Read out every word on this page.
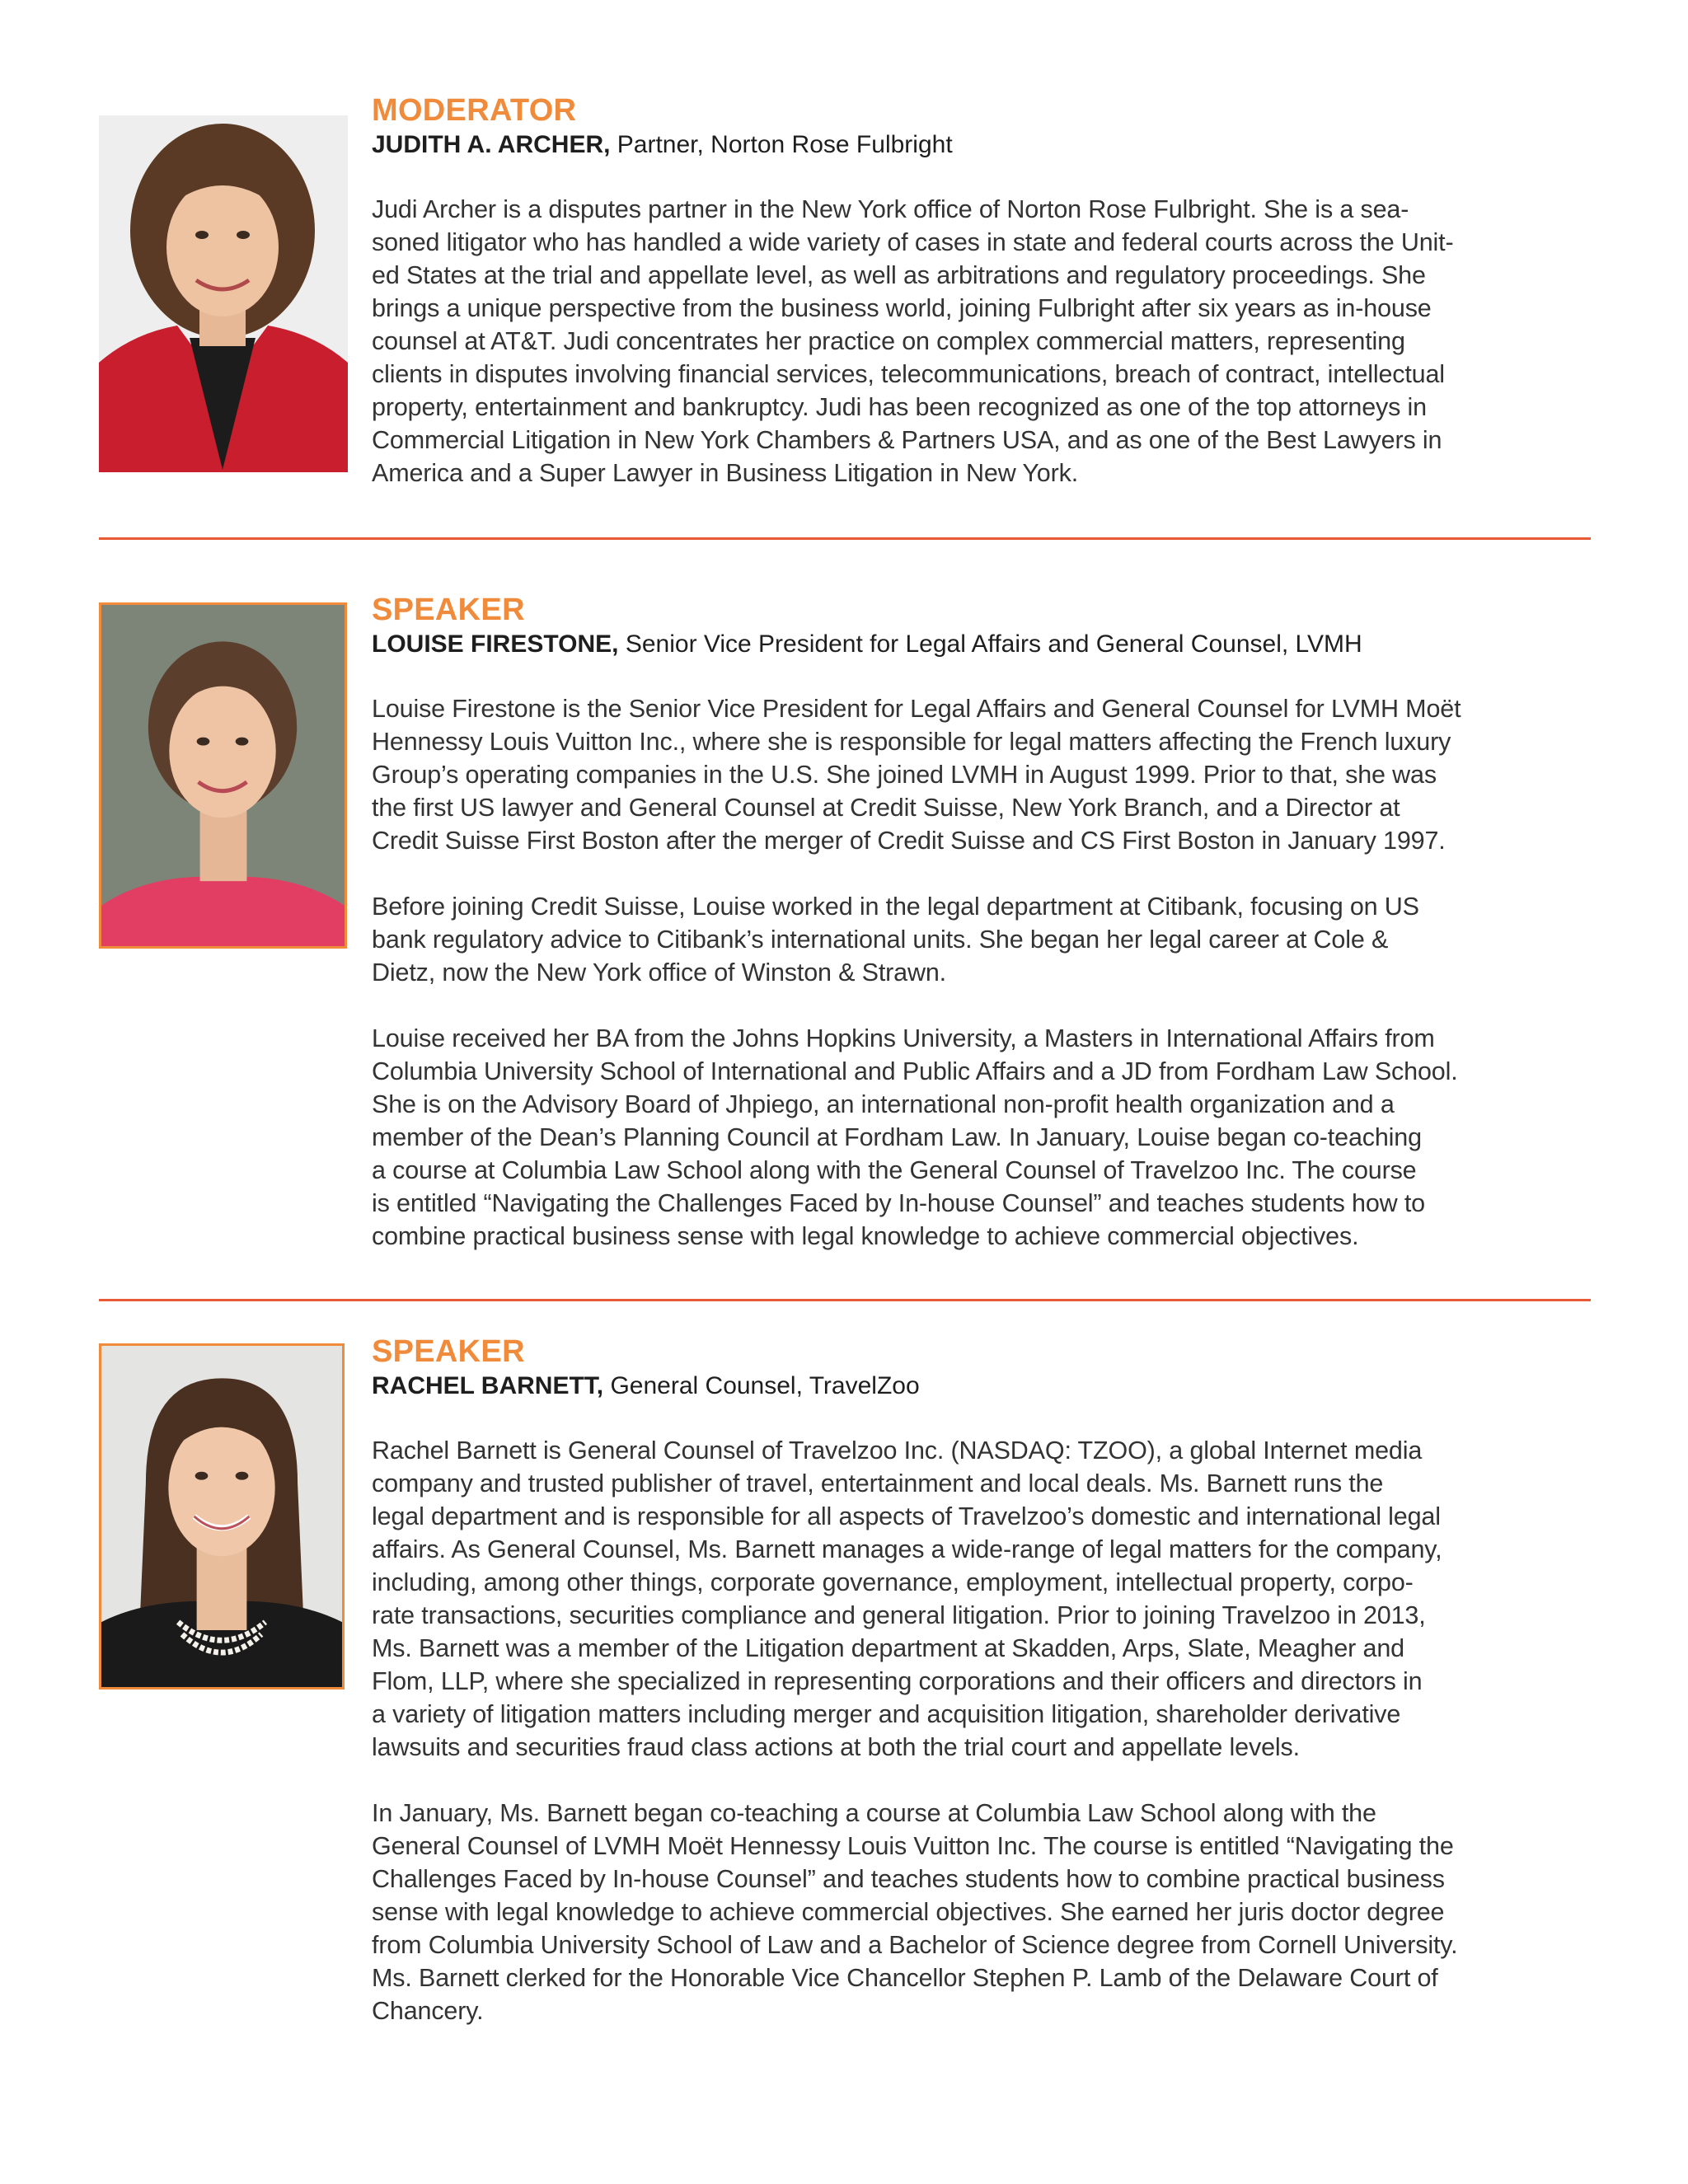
MODERATOR

JUDITH A. ARCHER, Partner, Norton Rose Fulbright

Judi Archer is a disputes partner in the New York office of Norton Rose Fulbright. She is a sea-
soned litigator who has handled a wide variety of cases in state and federal courts across the Unit-
ed States at the trial and appellate level, as well as arbitrations and regulatory proceedings. She
brings a unique perspective from the business world, joining Fulbright after six years as in-house
counsel at AT&T. Judi concentrates her practice on complex commercial matters, representing
clients in disputes involving financial services, telecommunications, breach of contract, intellectual
property, entertainment and bankruptcy. Judi has been recognized as one of the top attorneys in
Commercial Litigation in New York Chambers & Partners USA, and as one of the Best Lawyers in
America and a Super Lawyer in Business Litigation in New York.

SPEAKER

LOUISE FIRESTONE, Senior Vice President for Legal Affairs and General Counsel, LVMH

Louise Firestone is the Senior Vice President for Legal Affairs and General Counsel for LVMH Moët
Hennessy Louis Vuitton Inc., where she is responsible for legal matters affecting the French luxury
Group’s operating companies in the U.S. She joined LVMH in August 1999. Prior to that, she was
the first US lawyer and General Counsel at Credit Suisse, New York Branch, and a Director at
Credit Suisse First Boston after the merger of Credit Suisse and CS First Boston in January 1997.

Before joining Credit Suisse, Louise worked in the legal department at Citibank, focusing on US
bank regulatory advice to Citibank’s international units. She began her legal career at Cole &
Dietz, now the New York office of Winston & Strawn.

Louise received her BA from the Johns Hopkins University, a Masters in International Affairs from
Columbia University School of International and Public Affairs and a JD from Fordham Law School.
She is on the Advisory Board of Jhpiego, an international non-profit health organization and a
member of the Dean’s Planning Council at Fordham Law. In January, Louise began co-teaching
a course at Columbia Law School along with the General Counsel of Travelzoo Inc. The course
is entitled “Navigating the Challenges Faced by In-house Counsel” and teaches students how to
combine practical business sense with legal knowledge to achieve commercial objectives.

SPEAKER

RACHEL BARNETT, General Counsel, TravelZoo

Rachel Barnett is General Counsel of Travelzoo Inc. (NASDAQ: TZOO), a global Internet media
company and trusted publisher of travel, entertainment and local deals. Ms. Barnett runs the
legal department and is responsible for all aspects of Travelzoo’s domestic and international legal
affairs. As General Counsel, Ms. Barnett manages a wide-range of legal matters for the company,
including, among other things, corporate governance, employment, intellectual property, corpo-
rate transactions, securities compliance and general litigation. Prior to joining Travelzoo in 2013,
Ms. Barnett was a member of the Litigation department at Skadden, Arps, Slate, Meagher and
Flom, LLP, where she specialized in representing corporations and their officers and directors in
a variety of litigation matters including merger and acquisition litigation, shareholder derivative
lawsuits and securities fraud class actions at both the trial court and appellate levels.

In January, Ms. Barnett began co-teaching a course at Columbia Law School along with the
General Counsel of LVMH Moët Hennessy Louis Vuitton Inc. The course is entitled “Navigating the
Challenges Faced by In-house Counsel” and teaches students how to combine practical business
sense with legal knowledge to achieve commercial objectives. She earned her juris doctor degree
from Columbia University School of Law and a Bachelor of Science degree from Cornell University.
Ms. Barnett clerked for the Honorable Vice Chancellor Stephen P. Lamb of the Delaware Court of
Chancery.
